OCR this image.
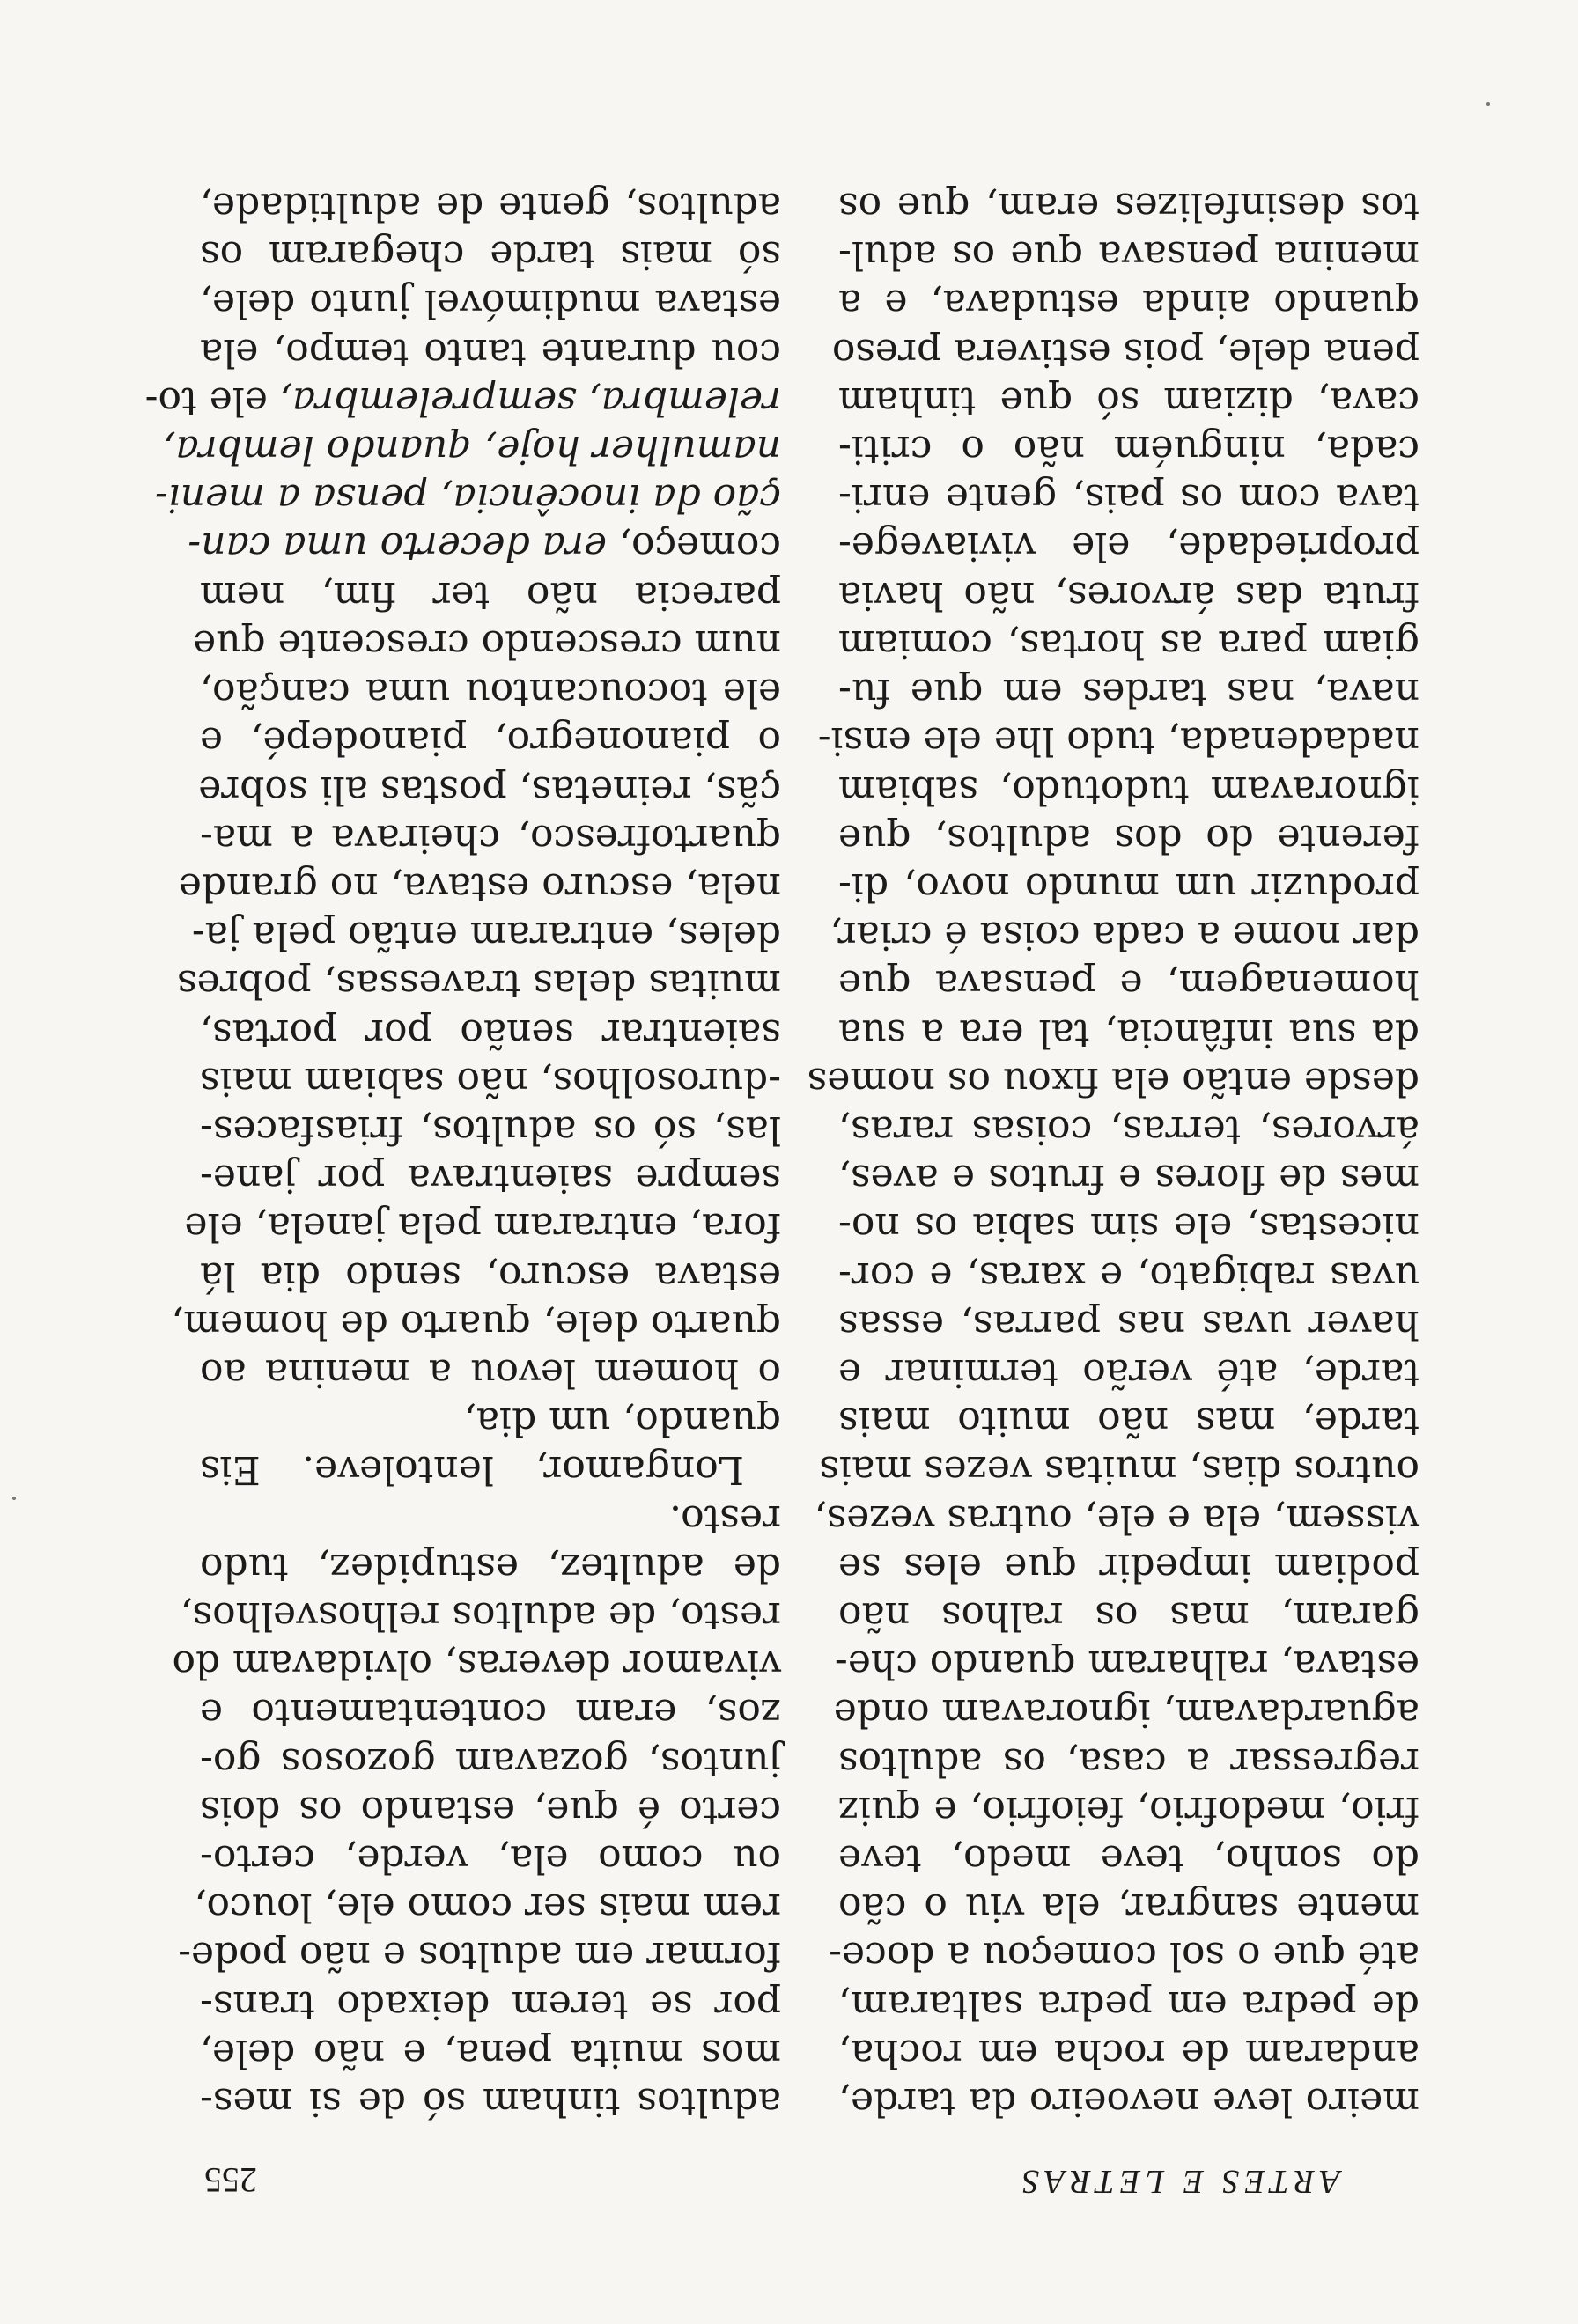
ARTES E LETRAS
255
meiro leve nevoeiro da tarde,
andaram de rocha em rocha,
de pedra em pedra saltaram,
até que o sol começou a doce-
mente sangrar, ela viu o cão
do sonho, teve medo, teve
frio, medofrio, feiofrio, e quiz
regressar a casa, os adultos
aguardavam, ignoravam onde
estava, ralharam quando che-
garam, mas os ralhos não
podiam impedir que eles se
vissem, ela e ele, outras vezes,
outros dias, muitas vezes mais
tarde, mas não muito mais
tarde, até verão terminar e
haver uvas nas parras, essas
uvas rabigato, e xaras, e cor-
nicestas, ele sim sabia os no-
mes de flores e frutos e aves,
árvores, terras, coisas raras,
desde então ela fixou os nomes
da sua infância, tal era a sua
homenagem, e pensava que
dar nome a cada coisa é criar,
produzir um mundo novo, di-
ferente do dos adultos, que
ignoravam tudotudo, sabiam
nadadenada, tudo lhe ele ensi-
nava, nas tardes em que fu-
giam para as hortas, comiam
fruta das árvores, não havia
propriedade, ele viviavege-
tava com os pais, gente enri-
cada, ninguém não o criti-
cava, diziam só que tinham
pena dele, pois estivera preso
quando ainda estudava, e a
menina pensava que os adul-
tos desinfelizes eram, que os
adultos tinham só de si mes-
mos muita pena, e não dele,
por se terem deixado trans-
formar em adultos e não pode-
rem mais ser como ele, louco,
ou como ela, verde, certo-
certo é que, estando os dois
juntos, gozavam gozosos go-
zos, eram contentamento e
vivamor deveras, olvidavam do
resto, de adultos relhosvelhos,
de adultez, estupidez, tudo
resto.
Longamor, lentoleve. Eis
quando, um dia,
o homem levou a menina ao
quarto dele, quarto de homem,
estava escuro, sendo dia lá
fora, entraram pela janela, ele
sempre saientrava por jane-
las, só os adultos, friasfaces-
-durosolhos, não sabiam mais
saientrar senão por portas,
muitas delas travessas, pobres
deles, entraram então pela ja-
nela, escuro estava, no grande
quartofresco, cheirava a ma-
çãs, reinetas, postas ali sobre
o pianonegro, pianodepé, e
ele tocoucantou uma canção,
num crescendo crescente que
parecia não ter fim, nem
começo, era decerto uma can-
ção da inocência, pensa a meni-
namulher hoje, quando lembra,
relembra, semprelembra, ele to-
cou durante tanto tempo, ela
estava mudimóvel junto dele,
só mais tarde chegaram os
adultos, gente de adultidade,
